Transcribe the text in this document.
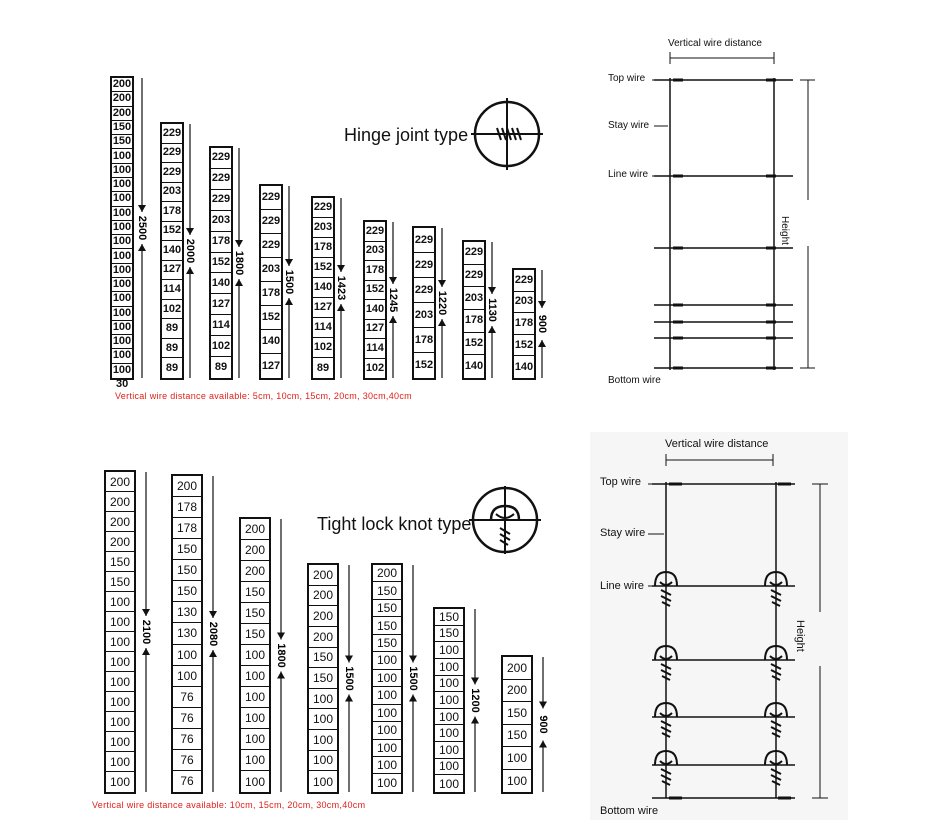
200
200
200
150
150
100
100
100
100
100
100
100
100
100
100
100
100
100
100
100
100
229
229
229
203
178
152
140
127
114
102
89
89
89
229
229
229
203
178
152
140
127
114
102
89
229
229
229
203
178
152
140
127
229
203
178
152
140
127
114
102
89
229
203
178
152
140
127
114
102
229
229
229
203
178
152
229
229
203
178
152
140
229
203
178
152
140
2500
2000	1800
1500	1423	1245	1220	1130
900
30
Hinge joint type
Vertical wire distance available: 5cm, 10cm, 15cm, 20cm, 30cm,40cm
200
200
200
200
150
150
100
100
100
100
100
100
100
100
100
100
200
178
178
150
150
150
130
130
100
100
76
76
76
76
76
200
200
200
150
150
150
100
100
100
100
100
100
100
200
200
200
200
150
150
100
100
100
100
100
200
150
150
150
150
100
100
100
100
100
100
100
100
150
150
100
100
100
100
100
100
100
100
100
200
200
150
150
100
100
2100	2080
1800
1500	1500
1200
900
Tight lock knot type
Vertical wire distance available: 10cm, 15cm, 20cm, 30cm,40cm
Vertical wire distance
Top wire
Stay wire
Line wire
Bottom wire
Height
Vertical wire distance
Top wire
Stay wire
Line wire
Bottom wire
Height
